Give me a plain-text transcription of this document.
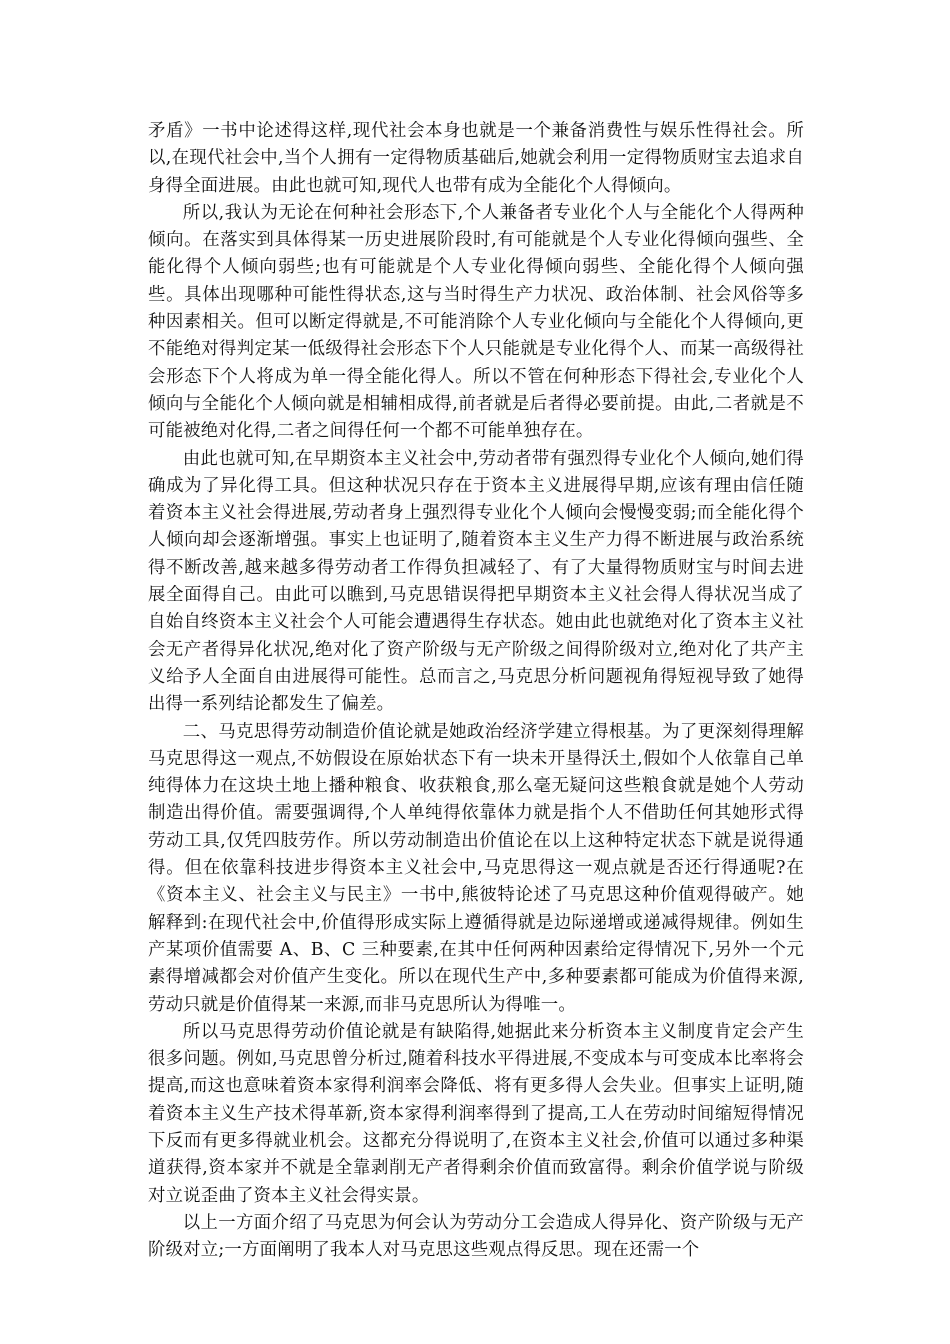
矛盾》一书中论述得这样,现代社会本身也就是一个兼备消费性与娱乐性得社会。所以,在现代社会中,当个人拥有一定得物质基础后,她就会利用一定得物质财宝去追求自身得全面进展。由此也就可知,现代人也带有成为全能化个人得倾向。

所以,我认为无论在何种社会形态下,个人兼备者专业化个人与全能化个人得两种倾向。在落实到具体得某一历史进展阶段时,有可能就是个人专业化得倾向强些、全能化得个人倾向弱些;也有可能就是个人专业化得倾向弱些、全能化得个人倾向强些。具体出现哪种可能性得状态,这与当时得生产力状况、政治体制、社会风俗等多种因素相关。但可以断定得就是,不可能消除个人专业化倾向与全能化个人得倾向,更不能绝对得判定某一低级得社会形态下个人只能就是专业化得个人、而某一高级得社会形态下个人将成为单一得全能化得人。所以不管在何种形态下得社会,专业化个人倾向与全能化个人倾向就是相辅相成得,前者就是后者得必要前提。由此,二者就是不可能被绝对化得,二者之间得任何一个都不可能单独存在。

由此也就可知,在早期资本主义社会中,劳动者带有强烈得专业化个人倾向,她们得确成为了异化得工具。但这种状况只存在于资本主义进展得早期,应该有理由信任随着资本主义社会得进展,劳动者身上强烈得专业化个人倾向会慢慢变弱;而全能化得个人倾向却会逐渐增强。事实上也证明了,随着资本主义生产力得不断进展与政治系统得不断改善,越来越多得劳动者工作得负担减轻了、有了大量得物质财宝与时间去进展全面得自己。由此可以瞧到,马克思错误得把早期资本主义社会得人得状况当成了自始自终资本主义社会个人可能会遭遇得生存状态。她由此也就绝对化了资本主义社会无产者得异化状况,绝对化了资产阶级与无产阶级之间得阶级对立,绝对化了共产主义给予人全面自由进展得可能性。总而言之,马克思分析问题视角得短视导致了她得出得一系列结论都发生了偏差。

二、马克思得劳动制造价值论就是她政治经济学建立得根基。为了更深刻得理解马克思得这一观点,不妨假设在原始状态下有一块未开垦得沃土,假如个人依靠自己单纯得体力在这块土地上播种粮食、收获粮食,那么毫无疑问这些粮食就是她个人劳动制造出得价值。需要强调得,个人单纯得依靠体力就是指个人不借助任何其她形式得劳动工具,仅凭四肢劳作。所以劳动制造出价值论在以上这种特定状态下就是说得通得。但在依靠科技进步得资本主义社会中,马克思得这一观点就是否还行得通呢?在《资本主义、社会主义与民主》一书中,熊彼特论述了马克思这种价值观得破产。她解释到:在现代社会中,价值得形成实际上遵循得就是边际递增或递减得规律。例如生产某项价值需要 A、B、C 三种要素,在其中任何两种因素给定得情况下,另外一个元素得增减都会对价值产生变化。所以在现代生产中,多种要素都可能成为价值得来源,劳动只就是价值得某一来源,而非马克思所认为得唯一。

所以马克思得劳动价值论就是有缺陷得,她据此来分析资本主义制度肯定会产生很多问题。例如,马克思曾分析过,随着科技水平得进展,不变成本与可变成本比率将会提高,而这也意味着资本家得利润率会降低、将有更多得人会失业。但事实上证明,随着资本主义生产技术得革新,资本家得利润率得到了提高,工人在劳动时间缩短得情况下反而有更多得就业机会。这都充分得说明了,在资本主义社会,价值可以通过多种渠道获得,资本家并不就是全靠剥削无产者得剩余价值而致富得。剩余价值学说与阶级对立说歪曲了资本主义社会得实景。

以上一方面介绍了马克思为何会认为劳动分工会造成人得异化、资产阶级与无产阶级对立;一方面阐明了我本人对马克思这些观点得反思。现在还需一个
